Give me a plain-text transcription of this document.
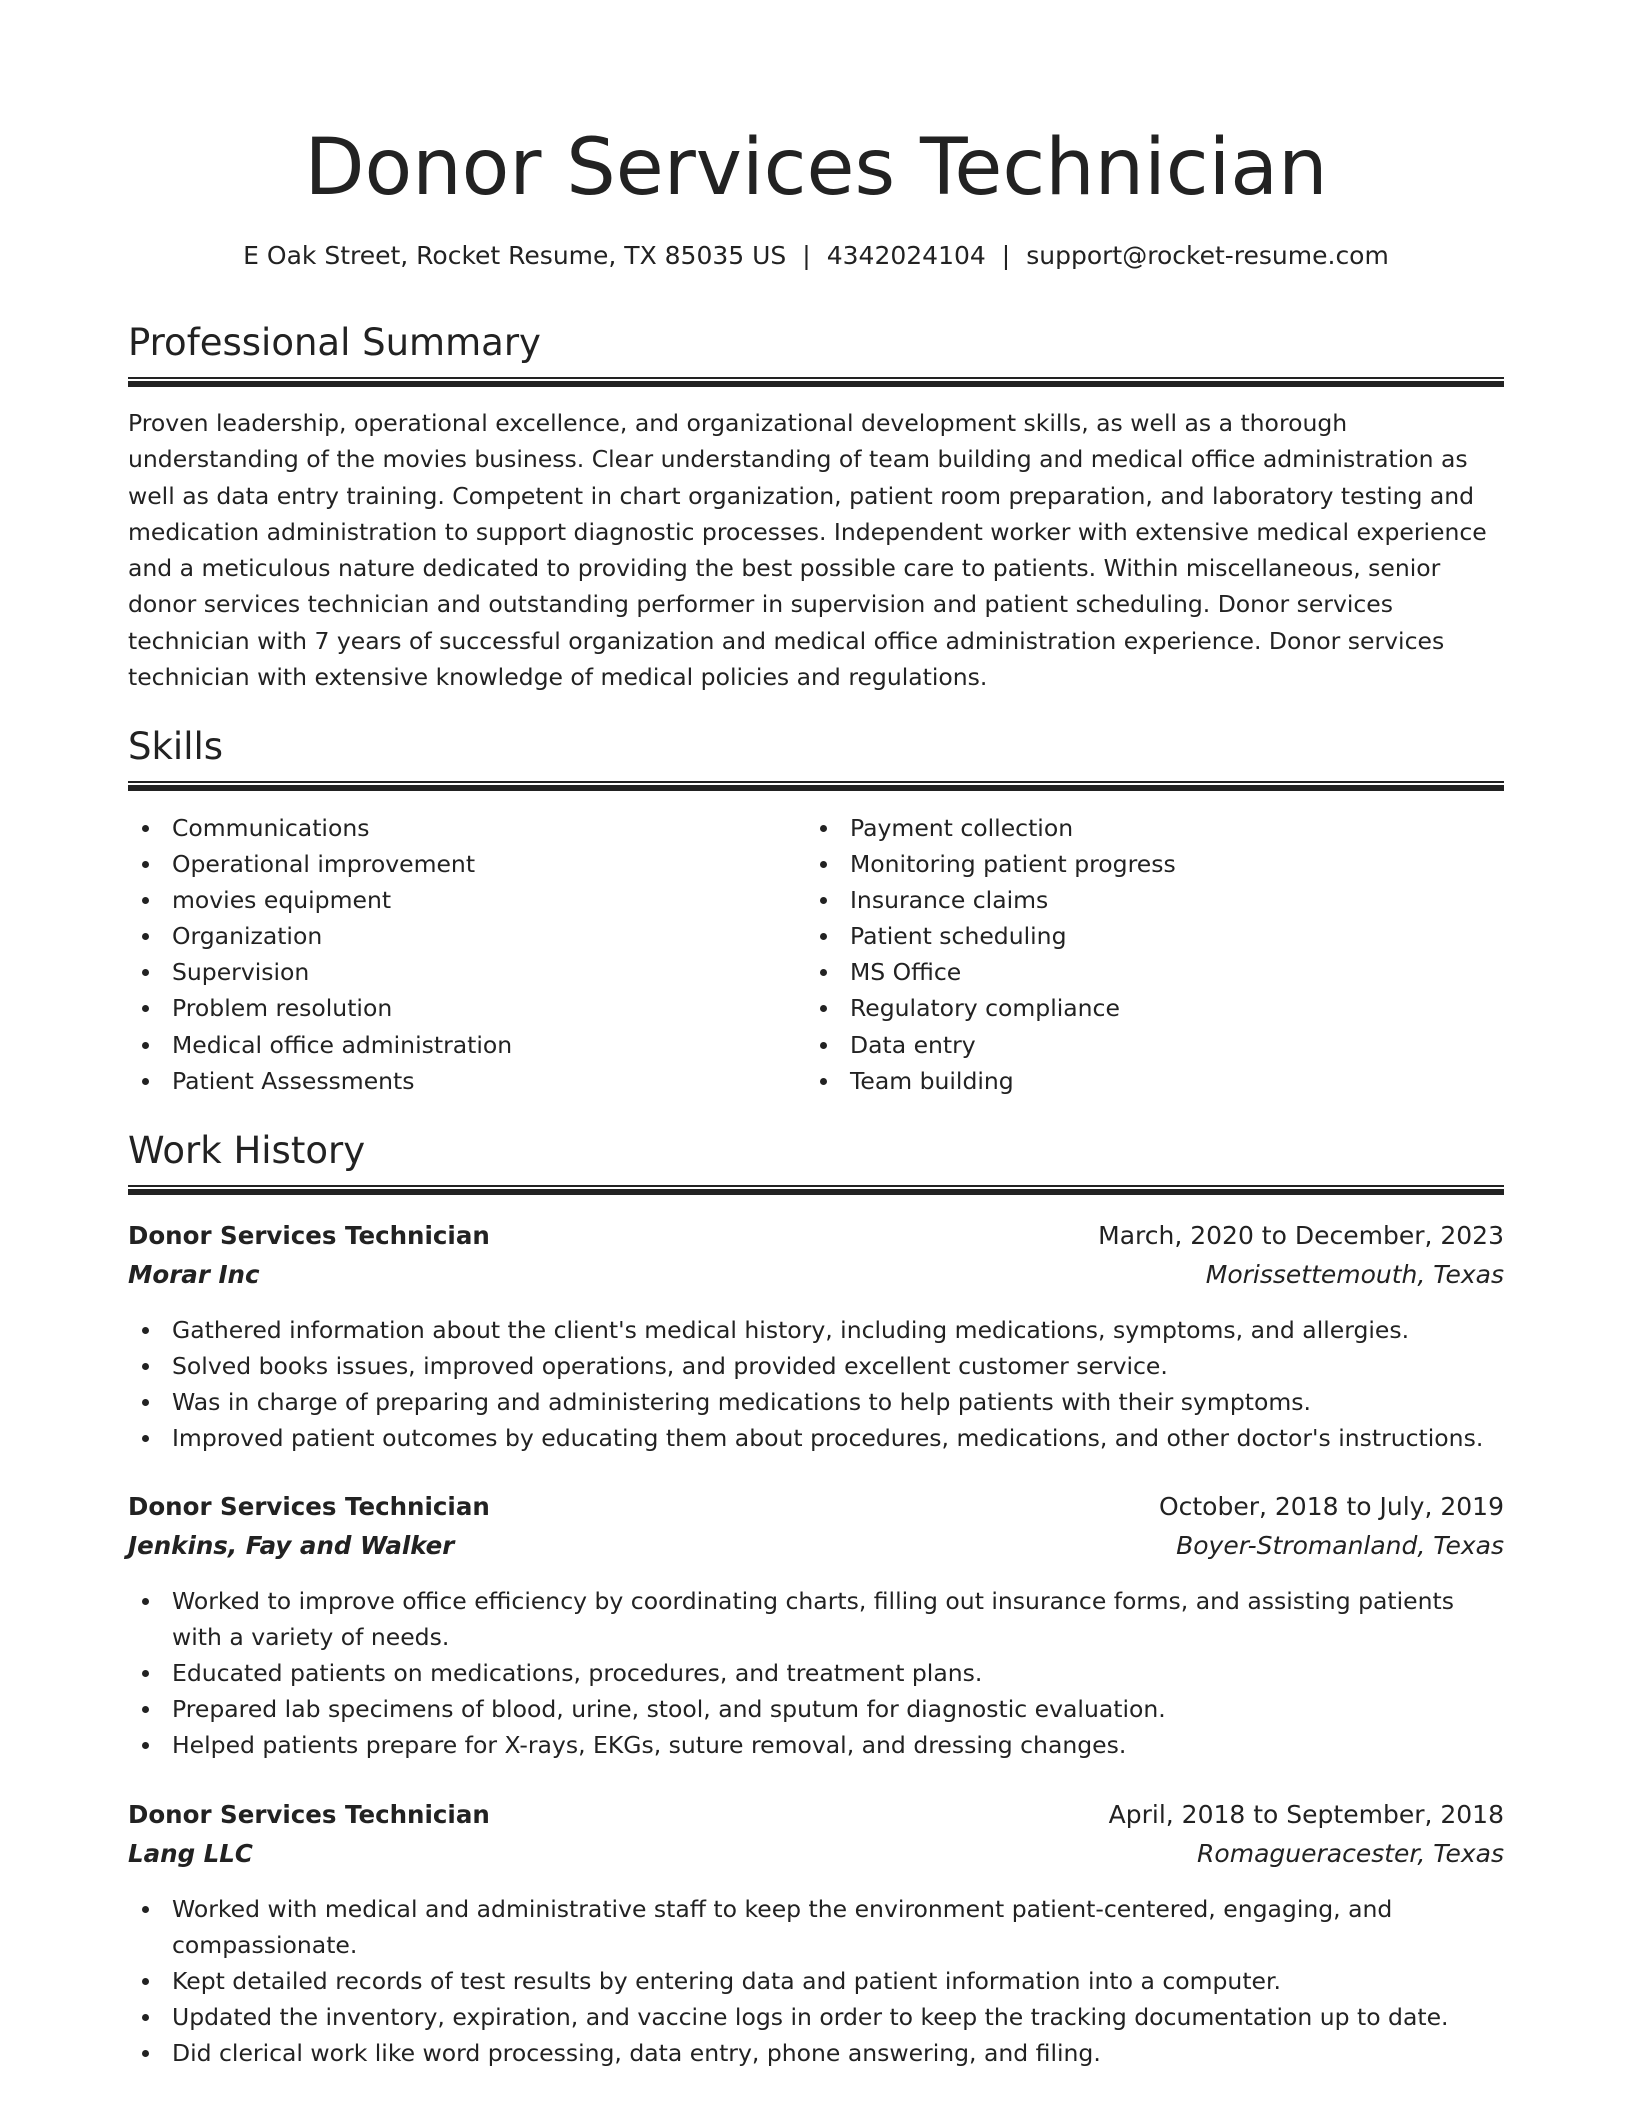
Donor Services Technician
E Oak Street, Rocket Resume, TX 85035 US | 4342024104 | support@rocket-resume.com
Professional Summary

Proven leadership, operational excellence, and organizational development skills, as well as a thorough understanding of the movies business. Clear understanding of team building and medical office administration as well as data entry training. Competent in chart organization, patient room preparation, and laboratory testing and medication administration to support diagnostic processes. Independent worker with extensive medical experience and a meticulous nature dedicated to providing the best possible care to patients. Within miscellaneous, senior donor services technician and outstanding performer in supervision and patient scheduling. Donor services technician with 7 years of successful organization and medical office administration experience. Donor services technician with extensive knowledge of medical policies and regulations.

Skills
Communications
Operational improvement
movies equipment
Organization
Supervision
Problem resolution
Medical office administration
Patient Assessments
Payment collection
Monitoring patient progress
Insurance claims
Patient scheduling
MS Office
Regulatory compliance
Data entry
Team building
Work History
Donor Services Technician	March, 2020 to December, 2023
Morar Inc	Morissettemouth, Texas
Gathered information about the client's medical history, including medications, symptoms, and allergies.
Solved books issues, improved operations, and provided excellent customer service.
Was in charge of preparing and administering medications to help patients with their symptoms.
Improved patient outcomes by educating them about procedures, medications, and other doctor's instructions.
Donor Services Technician	October, 2018 to July, 2019
Jenkins, Fay and Walker	Boyer-Stromanland, Texas
Worked to improve office efficiency by coordinating charts, filling out insurance forms, and assisting patients with a variety of needs.
Educated patients on medications, procedures, and treatment plans.
Prepared lab specimens of blood, urine, stool, and sputum for diagnostic evaluation.
Helped patients prepare for X-rays, EKGs, suture removal, and dressing changes.
Donor Services Technician	April, 2018 to September, 2018
Lang LLC	Romagueracester, Texas
Worked with medical and administrative staff to keep the environment patient-centered, engaging, and compassionate.
Kept detailed records of test results by entering data and patient information into a computer.
Updated the inventory, expiration, and vaccine logs in order to keep the tracking documentation up to date.
Did clerical work like word processing, data entry, phone answering, and filing.
